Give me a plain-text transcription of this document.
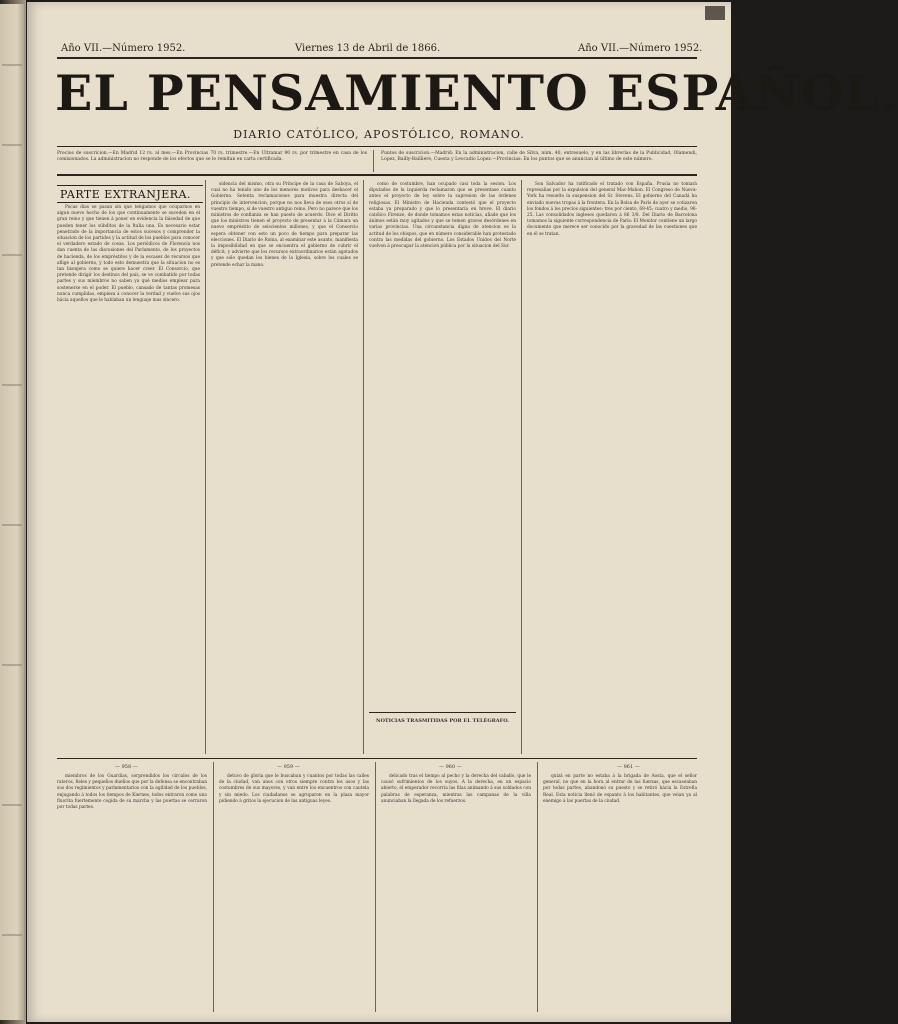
Año VII.—Número 1952.	Viernes 13 de Abril de 1866.	Año VII.—Número 1952.
EL PENSAMIENTO ESPAÑOL.
DIARIO CATÓLICO, APOSTÓLICO, ROMANO.
Precios de suscricion.—En Madrid 12 rs. al mes.—En Provincias 70 rs. trimestre.—En Ultramar 90 rs. por trimestre en casa de los comisionados. La administracion no responde de los efectos que se le remitan en carta certificada.
Puntos de suscricion.—Madrid: En la administracion, calle de Silva, núm. 40, entresuelo, y en las librerías de la Publicidad, Olamendi, Lopez, Bailly-Bailliere, Cuesta y Leocadio Lopez.—Provincias: En los puntos que se anuncian al último de este número.
PARTE EXTRANJERA.

Pocas dias se pasan sin que tengamos que ocuparnos en algun nuevo hecho de los que continuamente se suceden en el gran reino y que tienen á poner en evidencia la falsedad de que pueden tener los súbditos de la Italia una. Es necesario estar penetrado de la importancia de estos sucesos y comprender la situacion de los partidos y la actitud de los pueblos para conocer el verdadero estado de cosas. Los periódicos de Florencia nos dan cuenta de las discusiones del Parlamento, de los proyectos de hacienda, de los empréstitos y de la escasez de recursos que aflige al gobierno, y todo esto demuestra que la situacion no es tan lisonjera como se quiere hacer creer. El Consorcio, que pretende dirigir los destinos del país, se ve combatido por todas partes y sus miembros no saben ya qué medios emplear para sostenerse en el poder. El pueblo, cansado de tantas promesas nunca cumplidas, empieza á conocer la verdad y vuelve sus ojos hácia aquellos que le hablaban un lenguaje mas sincero.

sidencia del mismo, otra su Príncipe de la casa de Saboya, el cual no ha tenido uno de los menores motivos para deshacer el Gobierno. Setenta reclamaciones para muestra directa del principio de intervencion, porque no nos lleva de esos otros sí de vuestro tiempo, sí de vuestro antiguo reino. Pero no parece que los ministros de confianza se han puesto de acuerdo. Dice el Diritto que los ministros tienen el proyecto de presentar á la Cámara un nuevo empréstito de seiscientos millones, y que el Consorcio espera obtener con esto un poco de tiempo para preparar las elecciones. El Diario de Roma, al examinar este asunto, manifiesta la imposibilidad en que se encuentra el gobierno de cubrir el déficit, y advierte que los recursos extraordinarios están agotados y que sólo quedan los bienes de la Iglesia, sobre los cuales se pretende echar la mano.

como de costumbre, han ocupado casi toda la sesion. Los diputados de la izquierda reclamaron que se presentase cuanto antes el proyecto de ley sobre la supresion de las órdenes religiosas. El Ministro de Hacienda contestó que el proyecto estaba ya preparado y que lo presentaria en breve. El diario católico Firenze, de donde tomamos estas noticias, añade que los ánimos están muy agitados y que se temen graves desórdenes en varias provincias. Una circunstancia digna de atencion es la actitud de los obispos, que en número considerable han protestado contra las medidas del gobierno. Los Estados Unidos del Norte vuelven á preocupar la atencion pública por la situacion del Sur.

NOTICIAS TRASMITIDAS POR EL TELÉGRAFO.

Son Salvador ha ratificado el tratado con España. Prusia no tomará represalias por la expulsion del general Mac-Mahon. El Congreso de Nueva-York ha resuelto la suspension del Sr. Stevens. El gobierno del Canadá ha enviado nuevas tropas á la frontera. En la Bolsa de París de ayer se cotizaron los fondos á los precios siguientes: tres por ciento, 68-45; cuatro y medio, 96-25. Las consolidados ingleses quedaron á 86 3/8. Del Diario de Barcelona tomamos la siguiente correspondencia de París: El Monitor contiene un largo documento que merece ser conocido por la gravedad de las cuestiones que en él se tratan.

— 958 —	— 959 —	— 960 —	— 961 —

miembros de los Guardias, sorprendidos los circulos de los rateros, fieles y pequeños dueños que por la defensa se encontraban sus dos regimientos y parlamentarios con la agilidad de los pueblos, enjugando á todos los tiempos de Kiernes, todos entraron como una fluorita fuertemente cogida de su marcha y las puertas se cerraron por todas partes.

detuvo de gloria que le buscaban y cuantos por todas las calles de la ciudad, van unos con otros siempre contra los usos y las costumbres de sus mayores, y van entre los encuentros con cautela y sin miedo. Los ciudadanos se agruparon en la plaza mayor pidiendo á gritos la ejecucion de las antiguas leyes.

delicado tras el tiempo al pecho y la derecha del caballo, que le causó sufrimientos de los suyos. A la derecha, en un espacio abierto, el emperador recorria las filas animando á sus soldados con palabras de esperanza, mientras las campanas de la villa anunciaban la llegada de los refuerzos.

quizá en parte no estaba á la brigada de Aosta, que el señor general, no que en la hora al entrar de las fuerzas, que escaseaban por todas partes, abandonó su puesto y se retiró hácia la Estrella Real. Esta noticia llenó de espanto á los habitantes, que veian ya al enemigo á las puertas de la ciudad.
